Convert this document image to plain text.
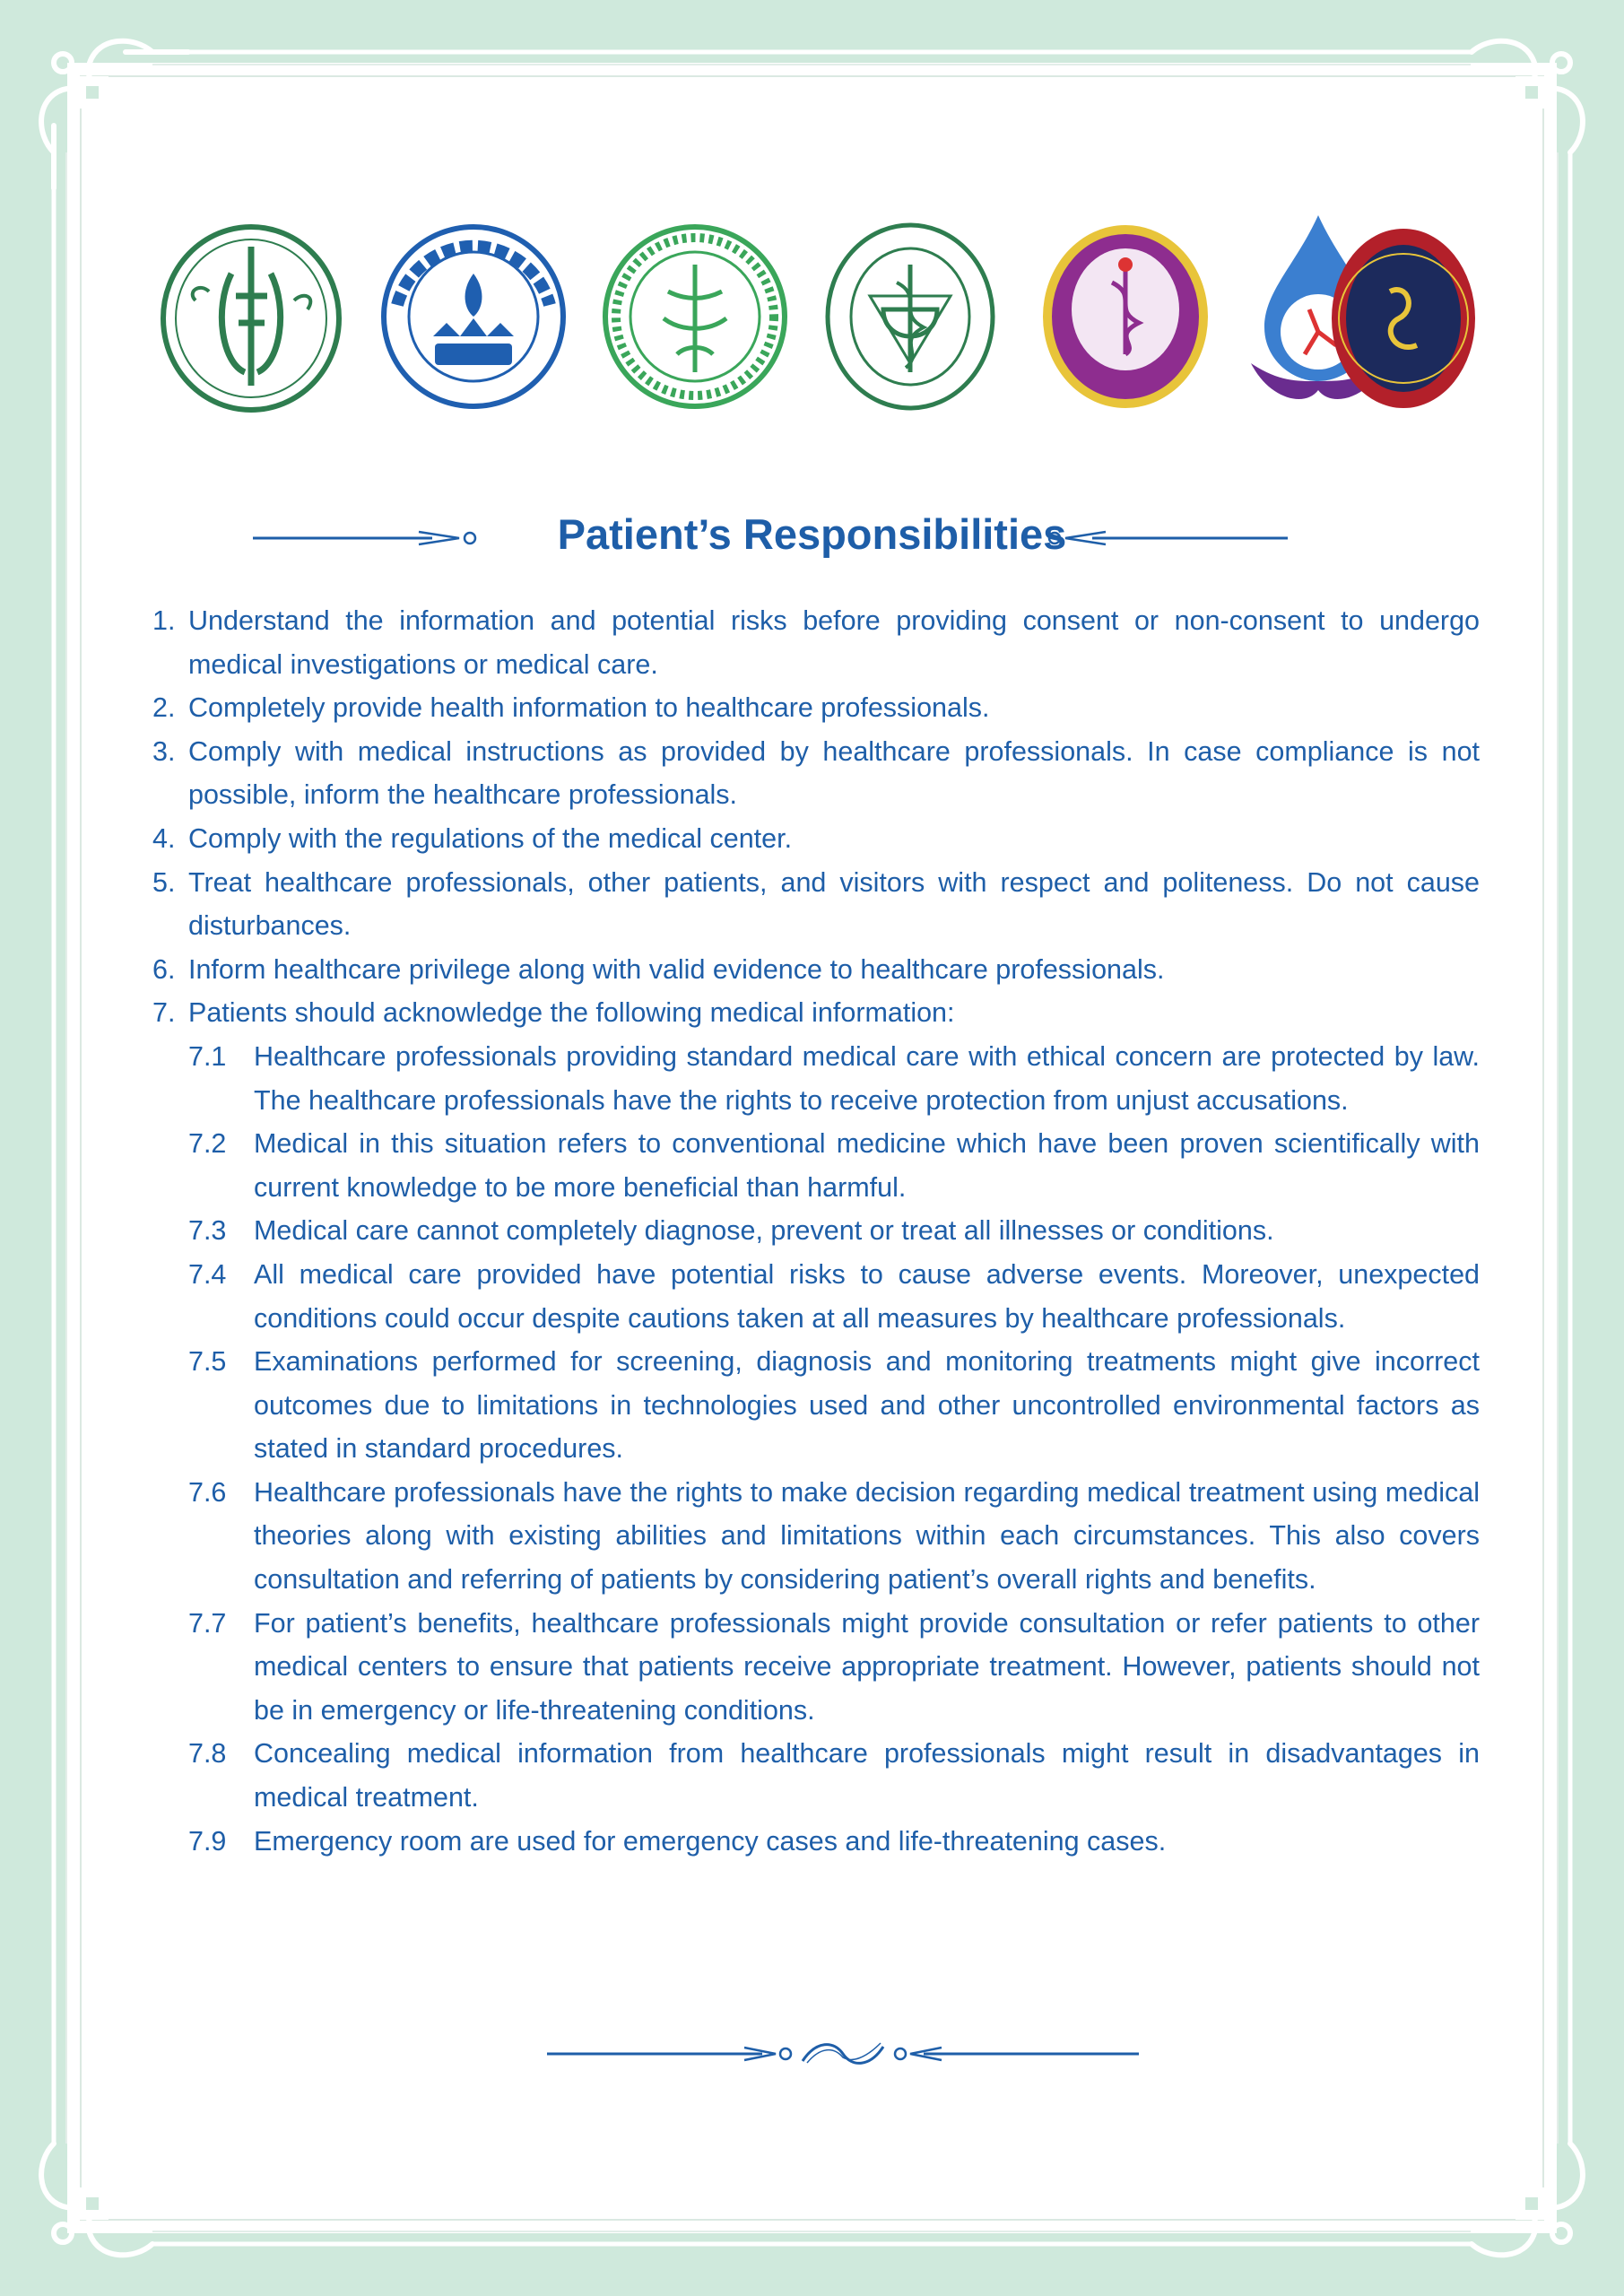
Patient’s Responsibilities
1. Understand the information and potential risks before providing consent or non-consent to undergo medical investigations or medical care.
2. Completely provide health information to healthcare professionals.
3. Comply with medical instructions as provided by healthcare professionals. In case compliance is not possible, inform the healthcare professionals.
4. Comply with the regulations of the medical center.
5. Treat healthcare professionals, other patients, and visitors with respect and politeness. Do not cause disturbances.
6. Inform healthcare privilege along with valid evidence to healthcare professionals.
7. Patients should acknowledge the following medical information:
7.1 Healthcare professionals providing standard medical care with ethical concern are protected by law. The healthcare professionals have the rights to receive protection from unjust accusations.
7.2 Medical in this situation refers to conventional medicine which have been proven scientifically with current knowledge to be more beneficial than harmful.
7.3 Medical care cannot completely diagnose, prevent or treat all illnesses or conditions.
7.4 All medical care provided have potential risks to cause adverse events. Moreover, unexpected conditions could occur despite cautions taken at all measures by healthcare professionals.
7.5 Examinations performed for screening, diagnosis and monitoring treatments might give incorrect outcomes due to limitations in technologies used and other uncontrolled environmental factors as stated in standard procedures.
7.6 Healthcare professionals have the rights to make decision regarding medical treatment using medical theories along with existing abilities and limitations within each circumstances. This also covers consultation and referring of patients by considering patient’s overall rights and benefits.
7.7 For patient’s benefits, healthcare professionals might provide consultation or refer patients to other medical centers to ensure that patients receive appropriate treatment. However, patients should not be in emergency or life-threatening conditions.
7.8 Concealing medical information from healthcare professionals might result in disadvantages in medical treatment.
7.9 Emergency room are used for emergency cases and life-threatening cases.
